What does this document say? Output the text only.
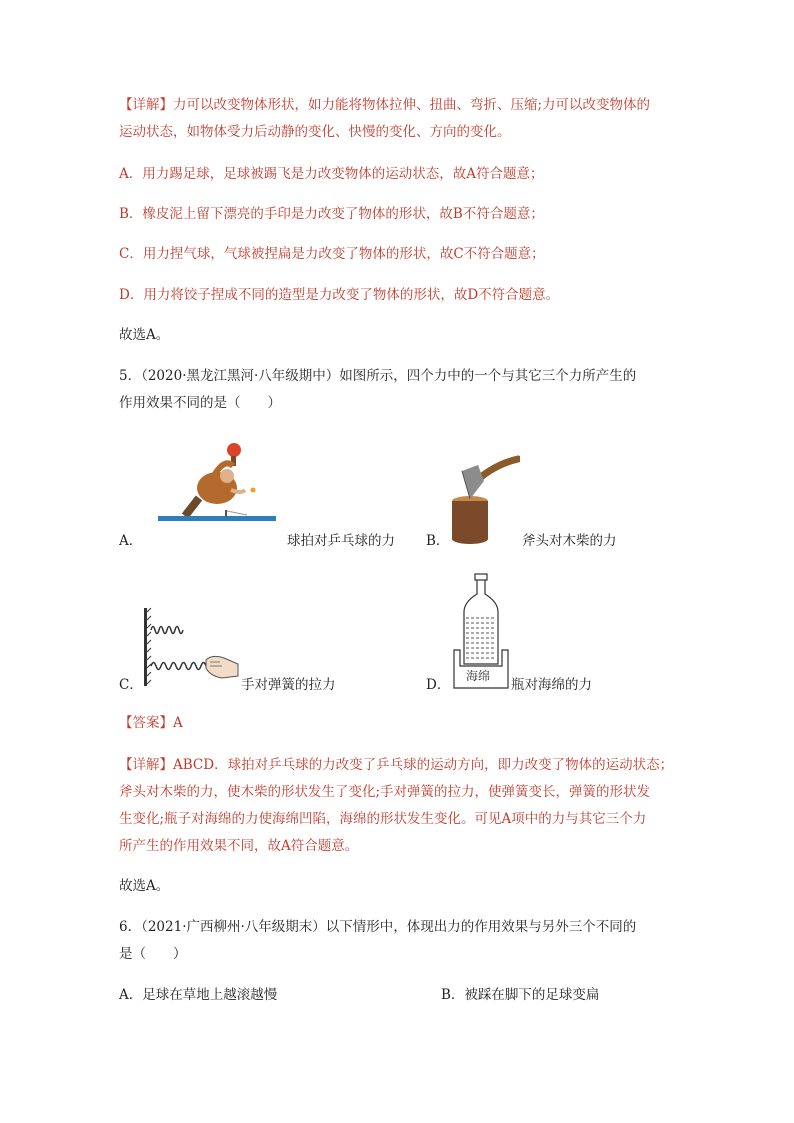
【详解】力可以改变物体形状，如力能将物体拉伸、扭曲、弯折、压缩;力可以改变物体的
运动状态，如物体受力后动静的变化、快慢的变化、方向的变化。
A．用力踢足球，足球被踢飞是力改变物体的运动状态，故A符合题意；
B．橡皮泥上留下漂亮的手印是力改变了物体的形状，故B不符合题意；
C．用力捏气球，气球被捏扁是力改变了物体的形状，故C不符合题意；
D．用力将饺子捏成不同的造型是力改变了物体的形状，故D不符合题意。
故选A。
5．（2020·黑龙江黑河·八年级期中）如图所示，四个力中的一个与其它三个力所产生的
作用效果不同的是（　　）
A．	球拍对乒乓球的力 B．	斧头对木柴的力
C．	手对弹簧的拉力	D．
海绵
瓶对海绵的力
【答案】A
【详解】ABCD．球拍对乒乓球的力改变了乒乓球的运动方向，即力改变了物体的运动状态；
斧头对木柴的力，使木柴的形状发生了变化;手对弹簧的拉力，使弹簧变长，弹簧的形状发
生变化;瓶子对海绵的力使海绵凹陷，海绵的形状发生变化。可见A项中的力与其它三个力
所产生的作用效果不同，故A符合题意。
故选A。
6．（2021·广西柳州·八年级期末）以下情形中，体现出力的作用效果与另外三个不同的
是（　　）
A．足球在草地上越滚越慢	B．被踩在脚下的足球变扁
